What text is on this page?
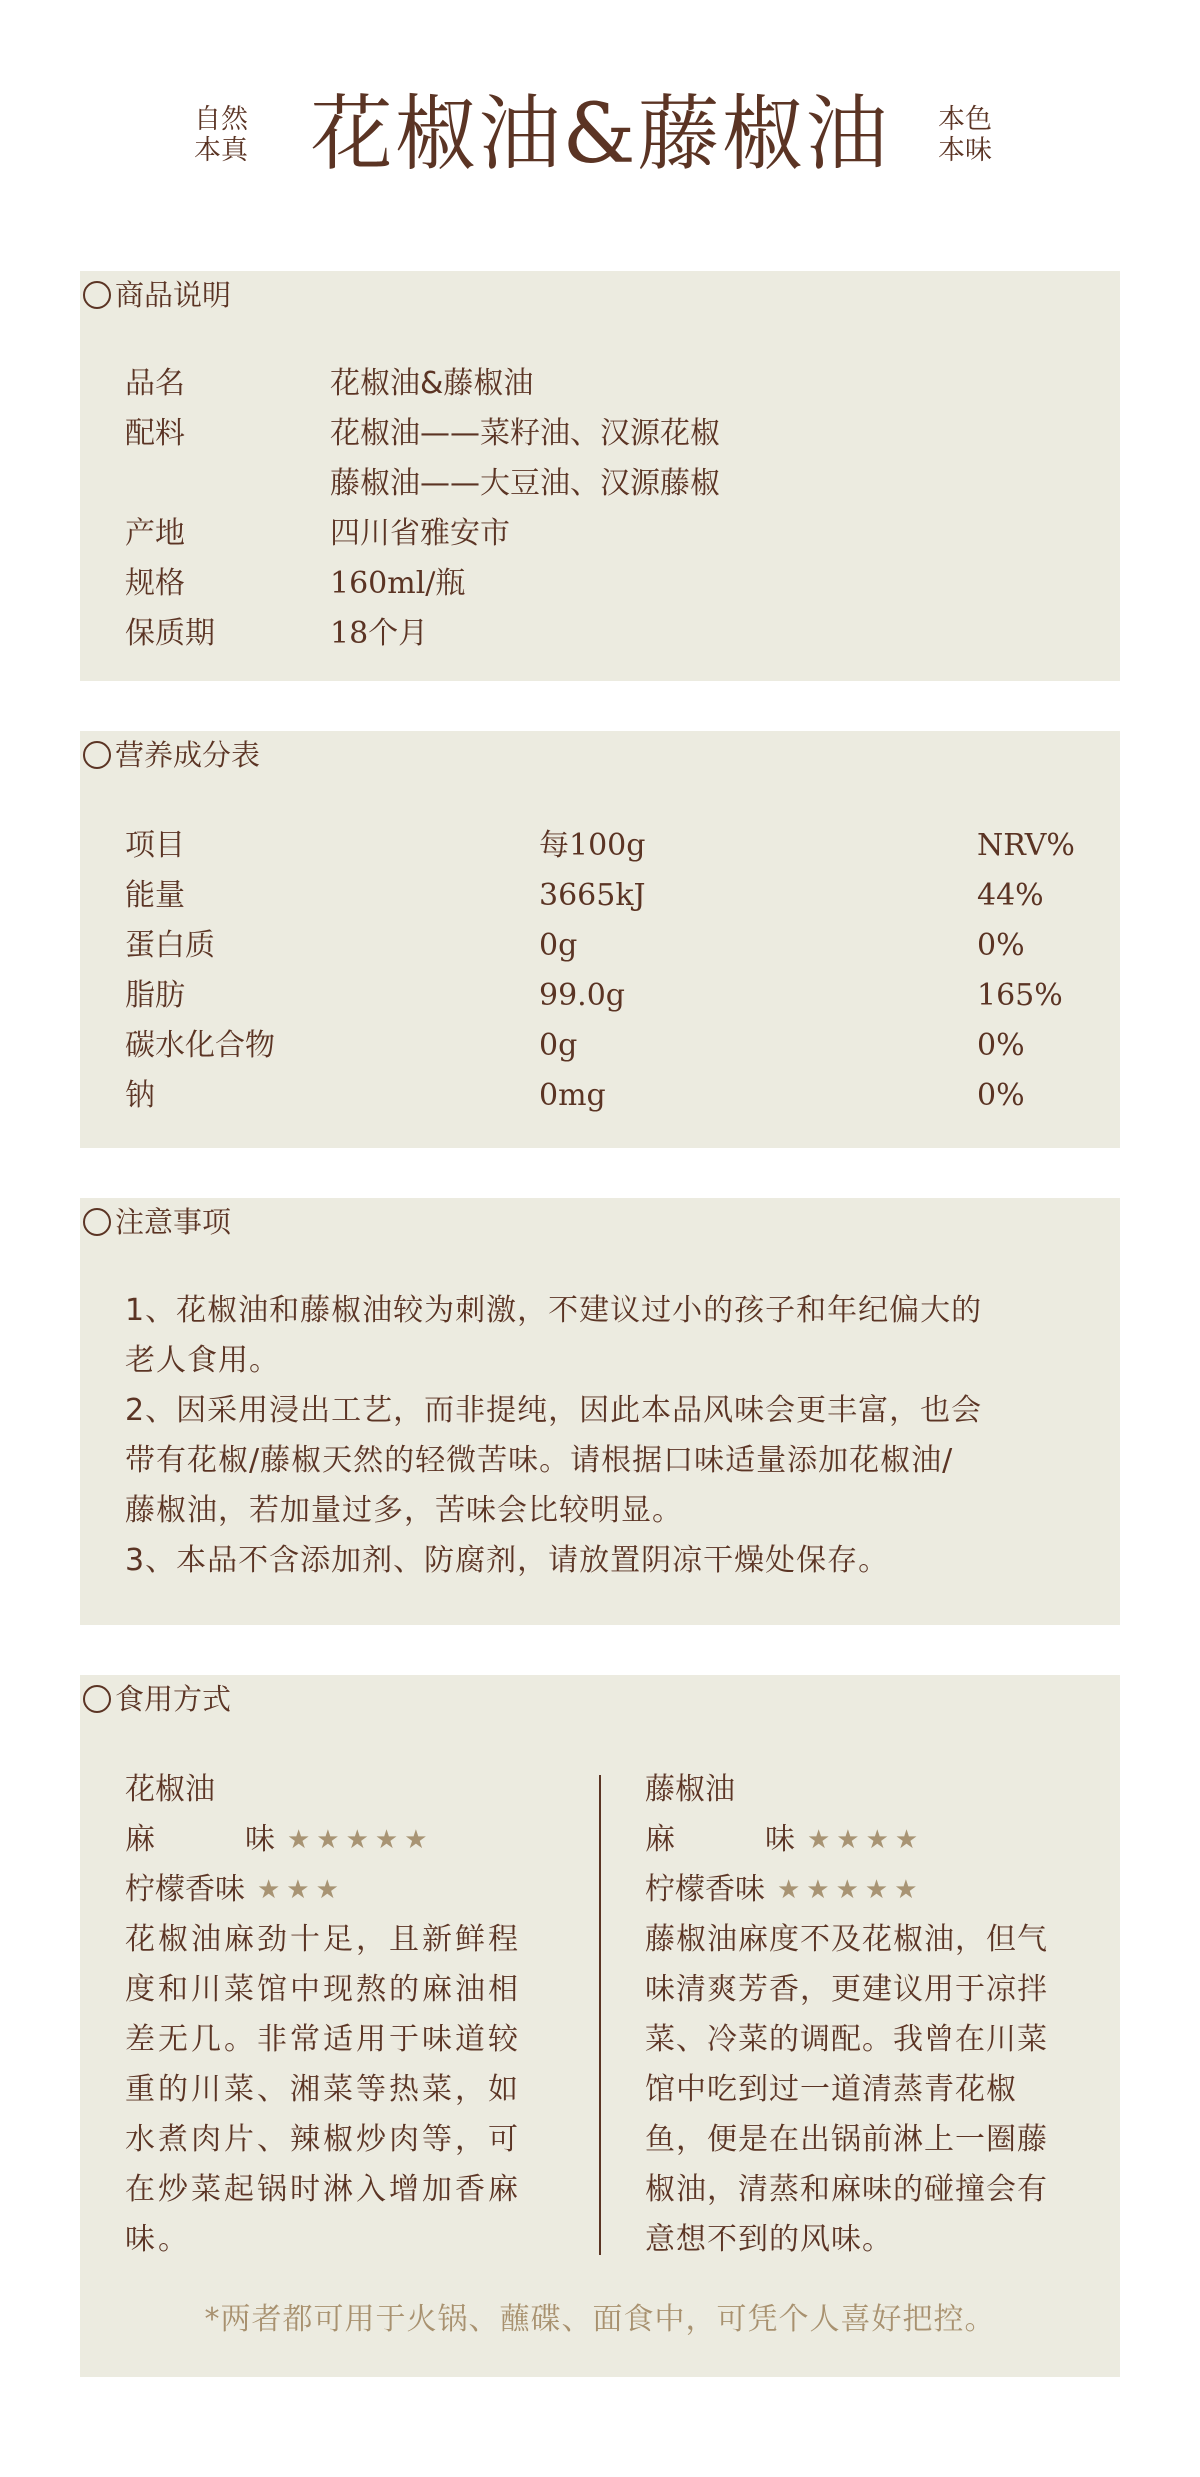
自然
本真 花椒油&藤椒油	本色
本味
商品说明
品名	花椒油&藤椒油
配料	花椒油——菜籽油、汉源花椒
藤椒油——大豆油、汉源藤椒
产地	四川省雅安市
规格	160ml/瓶
保质期	18个月
营养成分表
项目	每100g	NRV%
能量	3665kJ	44%
蛋白质	0g	0%
脂肪	99.0g	165%
碳水化合物	0g	0%
钠	0mg	0%
注意事项

1、花椒油和藤椒油较为刺激，不建议过小的孩子和年纪偏大的

老人食用。

2、因采用浸出工艺，而非提纯，因此本品风味会更丰富，也会

带有花椒/藤椒天然的轻微苦味。请根据口味适量添加花椒油/

藤椒油，若加量过多，苦味会比较明显。

3、本品不含添加剂、防腐剂，请放置阴凉干燥处保存。

食用方式
花椒油
麻	味 ★★★★★
柠檬香味 ★★★
花椒油麻劲十足，且新鲜程
度和川菜馆中现熬的麻油相
差无几。非常适用于味道较
重的川菜、湘菜等热菜，如
水煮肉片、辣椒炒肉等，可
在炒菜起锅时淋入增加香麻
味。
藤椒油
麻	味 ★★★★
柠檬香味 ★★★★★
藤椒油麻度不及花椒油，但气
味清爽芳香，更建议用于凉拌
菜、冷菜的调配。我曾在川菜
馆中吃到过一道清蒸青花椒
鱼，便是在出锅前淋上一圈藤
椒油，清蒸和麻味的碰撞会有
意想不到的风味。
*两者都可用于火锅、蘸碟、面食中，可凭个人喜好把控。
